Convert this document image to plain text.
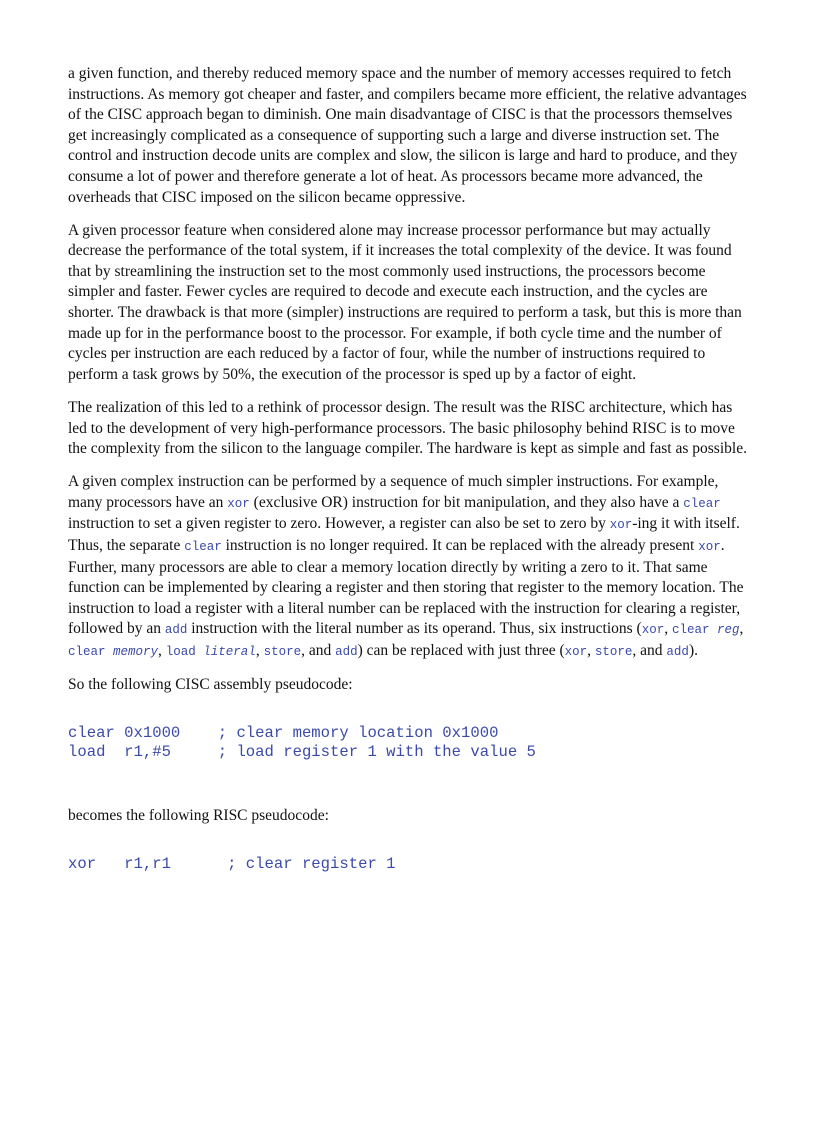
a given function, and thereby reduced memory space and the number of memory accesses required to fetch instructions. As memory got cheaper and faster, and compilers became more efficient, the relative advantages of the CISC approach began to diminish. One main disadvantage of CISC is that the processors themselves get increasingly complicated as a consequence of supporting such a large and diverse instruction set. The control and instruction decode units are complex and slow, the silicon is large and hard to produce, and they consume a lot of power and therefore generate a lot of heat. As processors became more advanced, the overheads that CISC imposed on the silicon became oppressive.

A given processor feature when considered alone may increase processor performance but may actually decrease the performance of the total system, if it increases the total complexity of the device. It was found that by streamlining the instruction set to the most commonly used instructions, the processors become simpler and faster. Fewer cycles are required to decode and execute each instruction, and the cycles are shorter. The drawback is that more (simpler) instructions are required to perform a task, but this is more than made up for in the performance boost to the processor. For example, if both cycle time and the number of cycles per instruction are each reduced by a factor of four, while the number of instructions required to perform a task grows by 50%, the execution of the processor is sped up by a factor of eight.

The realization of this led to a rethink of processor design. The result was the RISC architecture, which has led to the development of very high-performance processors. The basic philosophy behind RISC is to move the complexity from the silicon to the language compiler. The hardware is kept as simple and fast as possible.

A given complex instruction can be performed by a sequence of much simpler instructions. For example, many processors have an xor (exclusive OR) instruction for bit manipulation, and they also have a clear instruction to set a given register to zero. However, a register can also be set to zero by xor-ing it with itself. Thus, the separate clear instruction is no longer required. It can be replaced with the already present xor. Further, many processors are able to clear a memory location directly by writing a zero to it. That same function can be implemented by clearing a register and then storing that register to the memory location. The instruction to load a register with a literal number can be replaced with the instruction for clearing a register, followed by an add instruction with the literal number as its operand. Thus, six instructions (xor, clear reg, clear memory, load literal, store, and add) can be replaced with just three (xor, store, and add).

So the following CISC assembly pseudocode:

clear 0x1000    ; clear memory location 0x1000
load  r1,#5     ; load register 1 with the value 5

becomes the following RISC pseudocode:

xor   r1,r1      ; clear register 1
